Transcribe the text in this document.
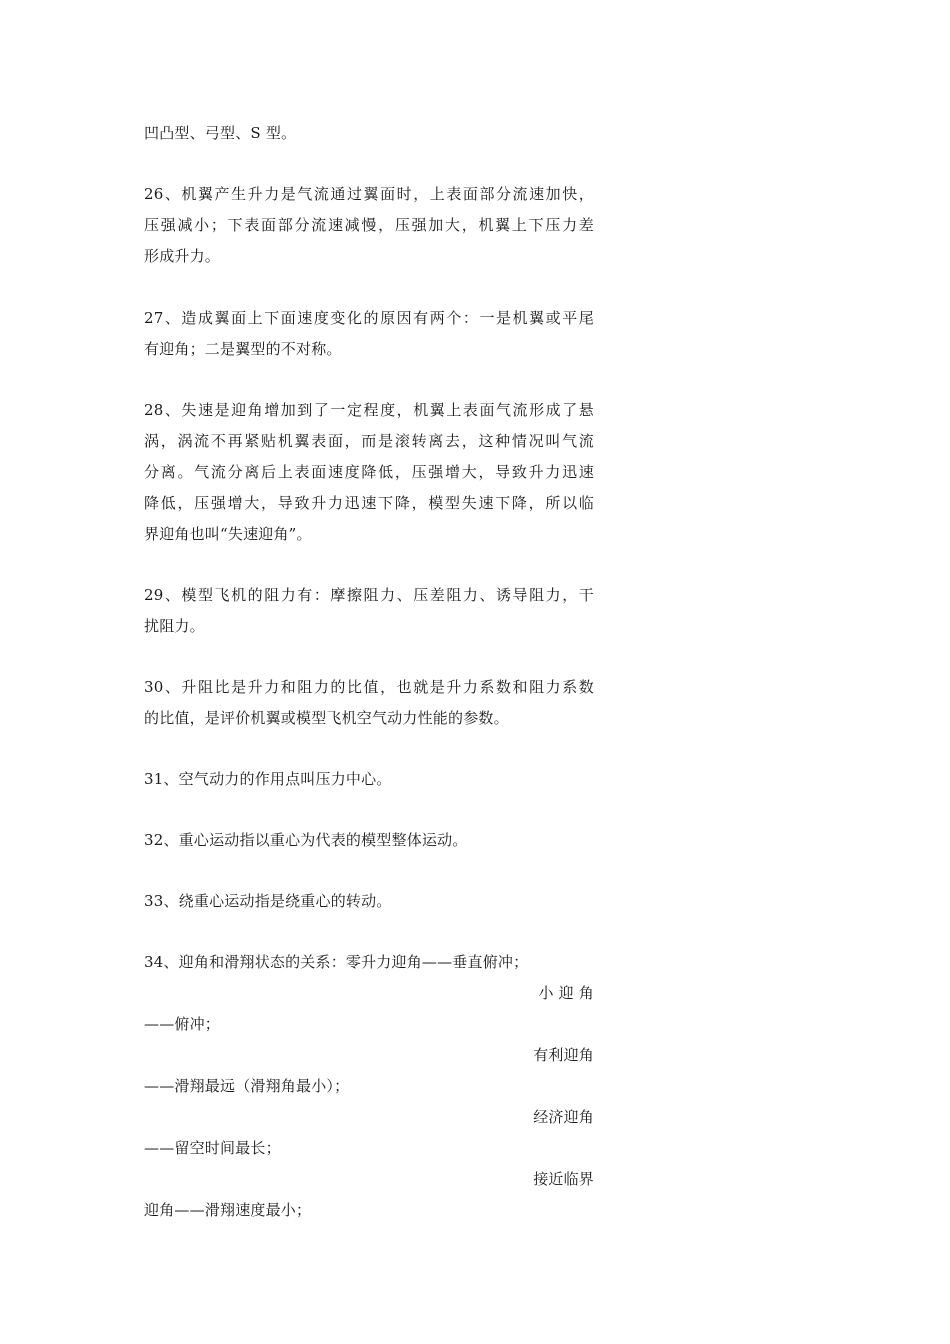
凹凸型、弓型、S 型。
26、机翼产生升力是气流通过翼面时，上表面部分流速加快，
压强减小；下表面部分流速减慢，压强加大，机翼上下压力差
形成升力。
27、造成翼面上下面速度变化的原因有两个：一是机翼或平尾
有迎角；二是翼型的不对称。
28、失速是迎角增加到了一定程度，机翼上表面气流形成了悬
涡，涡流不再紧贴机翼表面，而是滚转离去，这种情况叫气流
分离。气流分离后上表面速度降低，压强增大，导致升力迅速
降低，压强增大，导致升力迅速下降，模型失速下降，所以临
界迎角也叫“失速迎角”。
29、模型飞机的阻力有：摩擦阻力、压差阻力、诱导阻力，干
扰阻力。
30、升阻比是升力和阻力的比值，也就是升力系数和阻力系数
的比值，是评价机翼或模型飞机空气动力性能的参数。
31、空气动力的作用点叫压力中心。
32、重心运动指以重心为代表的模型整体运动。
33、绕重心运动指是绕重心的转动。
34、迎角和滑翔状态的关系：零升力迎角——垂直俯冲；
小 迎 角
——俯冲；
有利迎角
——滑翔最远（滑翔角最小）；
经济迎角
——留空时间最长；
接近临界
迎角——滑翔速度最小；
